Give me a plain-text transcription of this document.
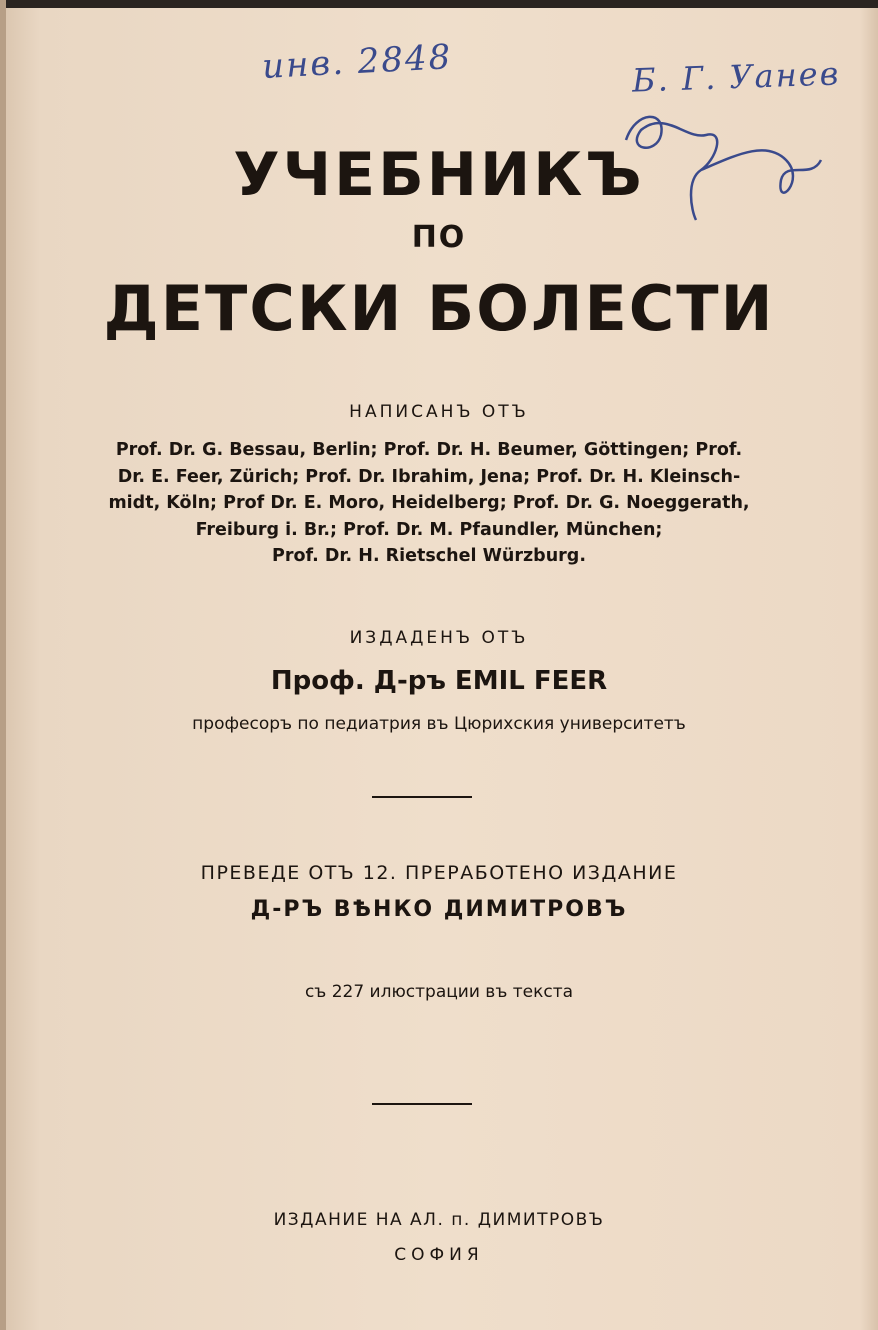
инв. 2848	Б. Г. Уанев
УЧЕБНИКЪ
ПО
ДЕТСКИ БОЛЕСТИ
НАПИСАНЪ ОТЪ
Prof. Dr. G. Bessau, Berlin; Prof. Dr. H. Beumer, Göttingen; Prof.
Dr. E. Feer, Zürich; Prof. Dr. Ibrahim, Jena; Prof. Dr. H. Kleinsch-
midt, Köln; Prof Dr. E. Moro, Heidelberg; Prof. Dr. G. Noeggerath,
Freiburg i. Br.; Prof. Dr. M. Pfaundler, München;
Prof. Dr. H. Rietschel Würzburg.
ИЗДАДЕНЪ ОТЪ
Проф. Д-ръ EMIL FEER
професоръ по педиатрия въ Цюрихския университетъ
ПРЕВЕДЕ ОТЪ 12. ПРЕРАБОТЕНО ИЗДАНИЕ
Д-РЪ ВѢНКО ДИМИТРОВЪ
съ 227 илюстрации въ текста
ИЗДАНИЕ НА АЛ. п. ДИМИТРОВЪ
СОФИЯ
